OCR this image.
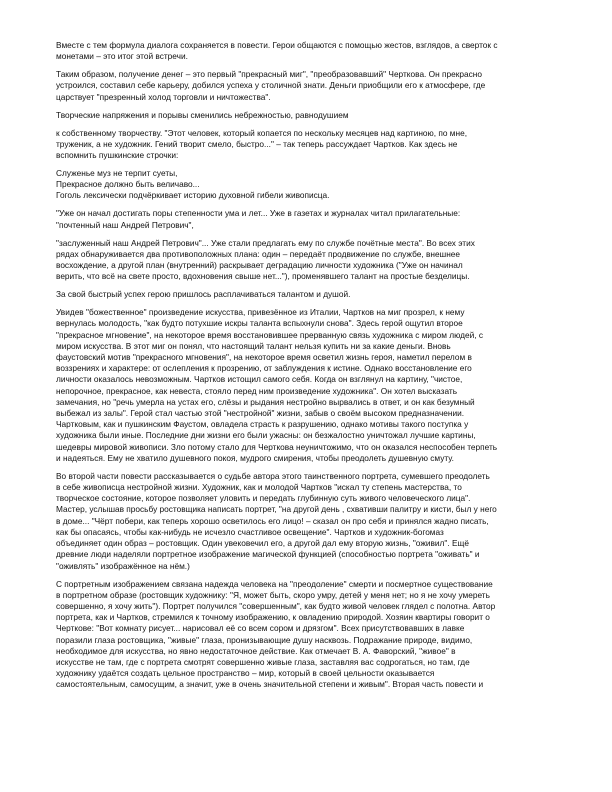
Вместе с тем формула диалога сохраняется в повести. Герои общаются с помощью жестов, взглядов, а сверток с
монетами – это итог этой встречи.

Таким образом, получение денег – это первый "прекрасный миг", "преобразовавший" Черткова. Он прекрасно
устроился, составил себе карьеру, добился успеха у столичной знати. Деньги приобщили его к атмосфере, где
царствует "презренный холод торговли и ничтожества".

Творческие напряжения и порывы сменились небрежностью, равнодушием

к собственному творчеству. "Этот человек, который копается по нескольку месяцев над картиною, по мне,
труженик, а не художник. Гений творит смело, быстро..." – так теперь рассуждает Чартков. Как здесь не
вспомнить пушкинские строчки:

Служенье муз не терпит суеты,
Прекрасное должно быть величаво...
Гоголь лексически подчёркивает историю духовной гибели живописца.

"Уже он начал достигать поры степенности ума и лет... Уже в газетах и журналах читал прилагательные:
"почтенный наш Андрей Петрович",

"заслуженный наш Андрей Петрович"... Уже стали предлагать ему по службе почётные места". Во всех этих
рядах обнаруживается два противоположных плана: один – передаёт продвижение по службе, внешнее
восхождение, а другой план (внутренний) раскрывает деградацию личности художника ("Уже он начинал
верить, что всё на свете просто, вдохновения свыше нет..."), променявшего талант на простые безделицы.

За свой быстрый успех герою пришлось расплачиваться талантом и душой.

Увидев "божественное" произведение искусства, привезённое из Италии, Чартков на миг прозрел, к нему
вернулась молодость, "как будто потухшие искры таланта вспыхнули снова". Здесь герой ощутил второе
"прекрасное мгновение", на некоторое время восстановившее прерванную связь художника с миром людей, с
миром искусства. В этот миг он понял, что настоящий талант нельзя купить ни за какие деньги. Вновь
фаустовский мотив "прекрасного мгновения", на некоторое время осветил жизнь героя, наметил перелом в
воззрениях и характере: от ослепления к прозрению, от заблуждения к истине. Однако восстановление его
личности оказалось невозможным. Чартков истощил самого себя. Когда он взглянул на картину, "чистое,
непорочное, прекрасное, как невеста, стояло перед ним произведение художника". Он хотел высказать
замечания, но "речь умерла на устах его, слёзы и рыдания нестройно вырвались в ответ, и он как безумный
выбежал из залы". Герой стал частью этой "нестройной" жизни, забыв о своём высоком предназначении.
Чартковым, как и пушкинским Фаустом, овладела страсть к разрушению, однако мотивы такого поступка у
художника были иные. Последние дни жизни его были ужасны: он безжалостно уничтожал лучшие картины,
шедевры мировой живописи. Зло потому стало для Черткова неуничтожимо, что он оказался неспособен терпеть
и надеяться. Ему не хватило душевного покоя, мудрого смирения, чтобы преодолеть душевную смуту.

Во второй части повести рассказывается о судьбе автора этого таинственного портрета, сумевшего преодолеть
в себе живописца нестройной жизни. Художник, как и молодой Чартков "искал ту степень мастерства, то
творческое состояние, которое позволяет уловить и передать глубинную суть живого человеческого лица".
Мастер, услышав просьбу ростовщика написать портрет, "на другой день , схвативши палитру и кисти, был у него
в доме... "Чёрт побери, как теперь хорошо осветилось его лицо! – сказал он про себя и принялся жадно писать,
как бы опасаясь, чтобы как-нибудь не исчезло счастливое освещение". Чартков и художник-богомаз
объединяет один образ – ростовщик. Один увековечил его, а другой дал ему вторую жизнь, "оживил". Ещё
древние люди наделяли портретное изображение магической функцией (способностью портрета "оживать" и
"оживлять" изображённое на нём.)

С портретным изображением связана надежда человека на "преодоление" смерти и посмертное существование
в портретном образе (ростовщик художнику: "Я, может быть, скоро умру, детей у меня нет; но я не хочу умереть
совершенно, я хочу жить"). Портрет получился "совершенным", как будто живой человек глядел с полотна. Автор
портрета, как и Чартков, стремился к точному изображению, к овладению природой. Хозяин квартиры говорит о
Черткове: "Вот комнату рисует... нарисовал её со всем сором и дрязгом". Всех присутствовавших в лавке
поразили глаза ростовщика, "живые" глаза, пронизывающие душу насквозь. Подражание природе, видимо,
необходимое для искусства, но явно недостаточное действие. Как отмечает В. А. Фаворский, "живое" в
искусстве не там, где с портрета смотрят совершенно живые глаза, заставляя вас содрогаться, но там, где
художнику удаётся создать цельное пространство – мир, который в своей цельности оказывается
самостоятельным, самосущим, а значит, уже в очень значительной степени и живым". Вторая часть повести и
